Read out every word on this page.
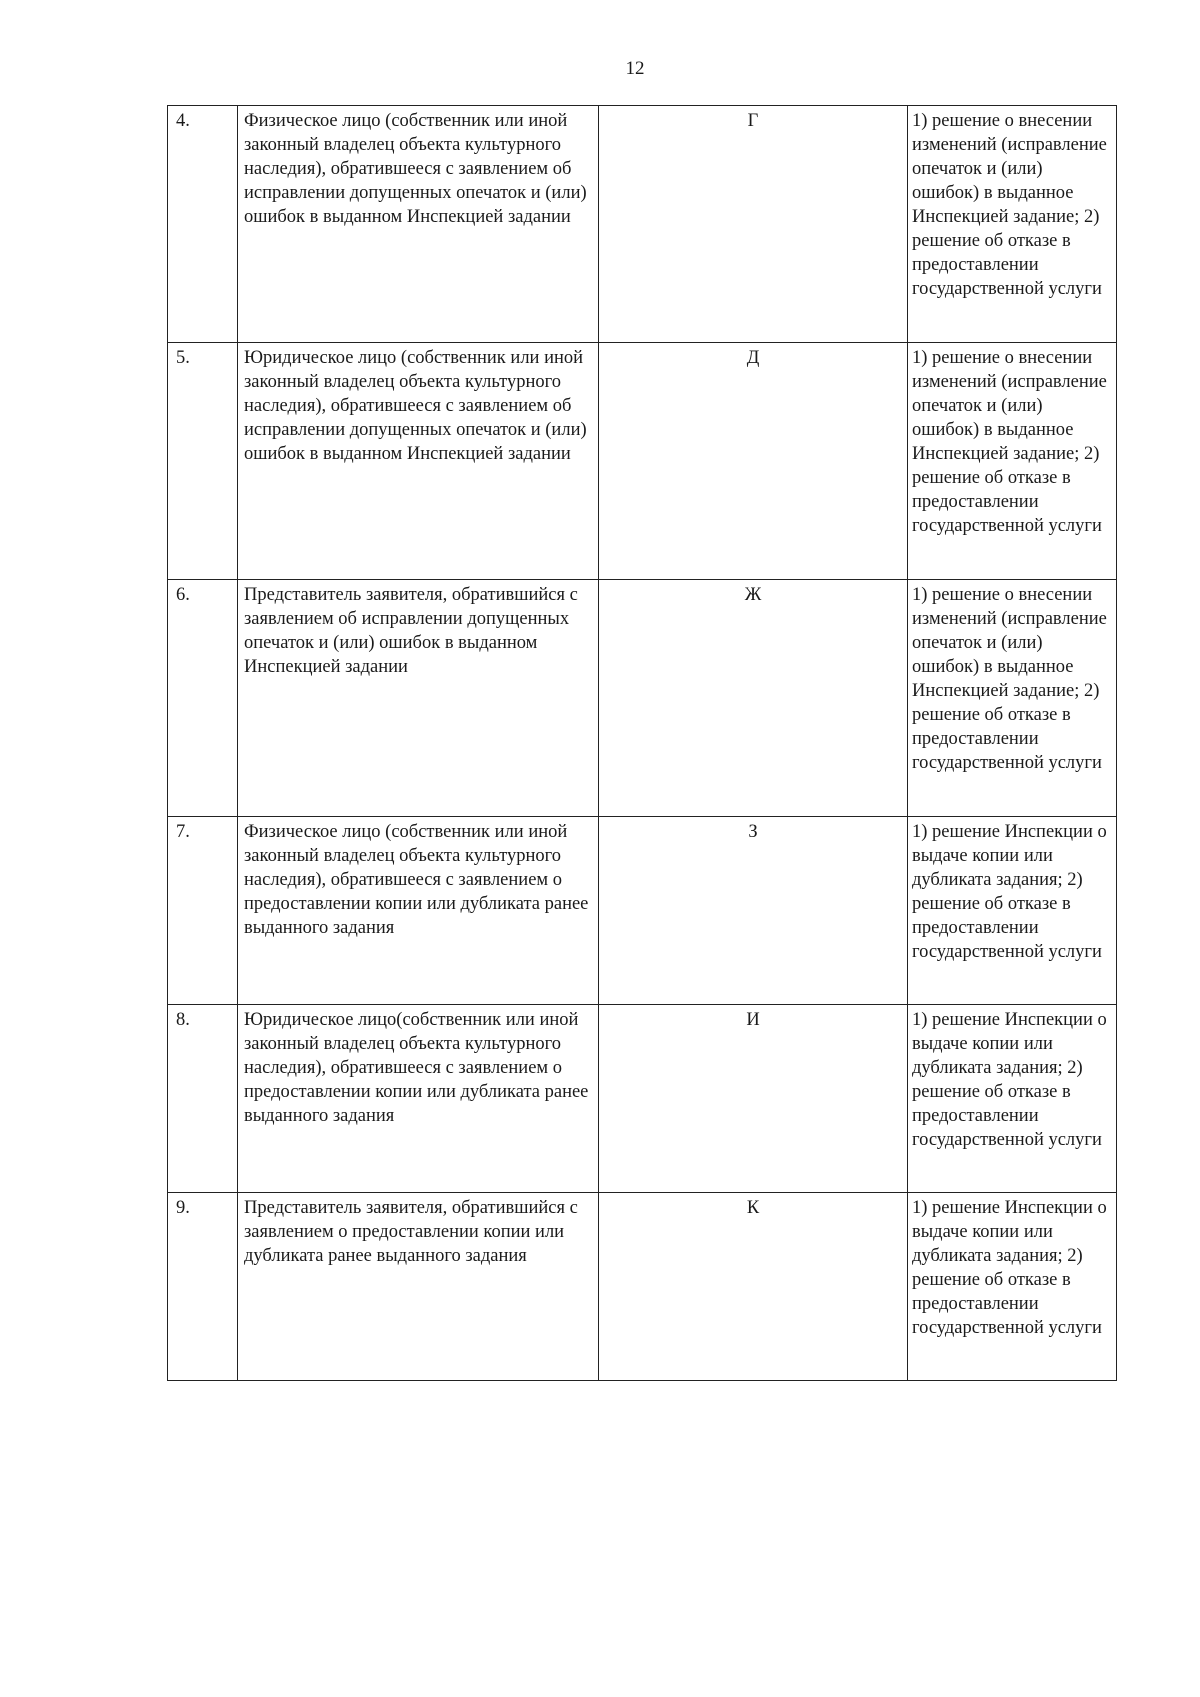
12
4.	Физическое лицо (собственник или иной законный владелец объекта культурного наследия), обратившееся с заявлением об исправлении допущенных опечаток и (или) ошибок в выданном Инспекцией задании	Г	1) решение о внесении изменений (исправление опечаток и (или) ошибок) в выданное Инспекцией задание; 2) решение об отказе в предоставлении государственной услуги
5.	Юридическое лицо (собственник или иной законный владелец объекта культурного наследия), обратившееся с заявлением об исправлении допущенных опечаток и (или) ошибок в выданном Инспекцией задании	Д	1) решение о внесении изменений (исправление опечаток и (или) ошибок) в выданное Инспекцией задание; 2) решение об отказе в предоставлении государственной услуги
6.	Представитель заявителя, обратившийся с заявлением об исправлении допущенных опечаток и (или) ошибок в выданном Инспекцией задании	Ж	1) решение о внесении изменений (исправление опечаток и (или) ошибок) в выданное Инспекцией задание; 2) решение об отказе в предоставлении государственной услуги
7.	Физическое лицо (собственник или иной законный владелец объекта культурного наследия), обратившееся с заявлением о предоставлении копии или дубликата ранее выданного задания	З	1) решение Инспекции о выдаче копии или дубликата задания; 2) решение об отказе в предоставлении государственной услуги
8.	Юридическое лицо(собственник или иной законный владелец объекта культурного наследия), обратившееся с заявлением о предоставлении копии или дубликата ранее выданного задания	И	1) решение Инспекции о выдаче копии или дубликата задания; 2) решение об отказе в предоставлении государственной услуги
9.	Представитель заявителя, обратившийся с заявлением о предоставлении копии или дубликата ранее выданного задания	К	1) решение Инспекции о выдаче копии или дубликата задания; 2) решение об отказе в предоставлении государственной услуги
